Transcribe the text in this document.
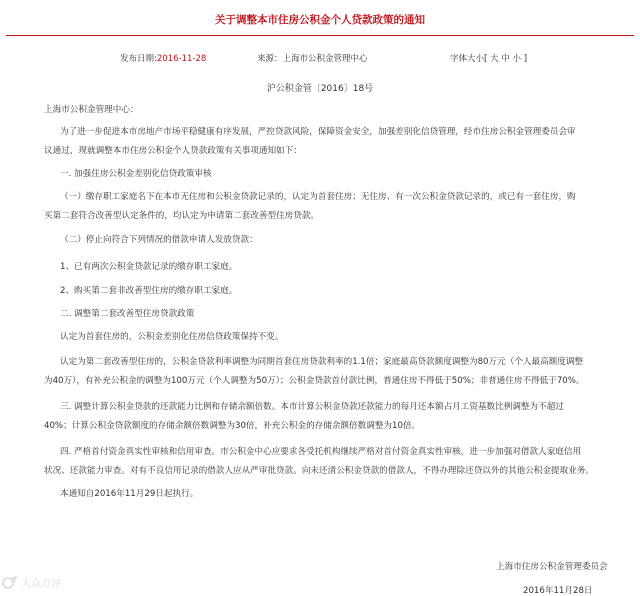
关于调整本市住房公积金个人贷款政策的通知
发布日期:2016-11-28	来源：上海市公积金管理中心	字体大小[ 大 中 小 ]
沪公积金管〔2016〕18号
上海市公积金管理中心：
为了进一步促进本市房地产市场平稳健康有序发展，严控贷款风险，保障资金安全，加强差别化信贷管理，经市住房公积金管理委员会审
议通过，现就调整本市住房公积金个人贷款政策有关事项通知如下：
一. 加强住房公积金差别化信贷政策审核
（一）缴存职工家庭名下在本市无住房和公积金贷款记录的，认定为首套住房；无住房、有一次公积金贷款记录的，或已有一套住房，购
买第二套符合改善型认定条件的，均认定为申请第二套改善型住房贷款。
（二）停止向符合下列情况的借款申请人发放贷款：
1、已有两次公积金贷款记录的缴存职工家庭。
2、购买第二套非改善型住房的缴存职工家庭。
二. 调整第二套改善型住房贷款政策
认定为首套住房的，公积金差别化住房信贷政策保持不变。
认定为第二套改善型住房的，公积金贷款利率调整为同期首套住房贷款利率的1.1倍；家庭最高贷款额度调整为80万元（个人最高额度调整
为40万），有补充公积金的调整为100万元（个人调整为50万）；公积金贷款首付款比例，普通住房不得低于50%；非普通住房不得低于70%。
三. 调整计算公积金贷款的还款能力比例和存储余额倍数。本市计算公积金贷款还款能力的每月还本额占月工资基数比例调整为不超过
40%；计算公积金贷款额度的存储余额倍数调整为30倍，补充公积金的存储余额倍数调整为10倍。
四. 严格首付资金真实性审核和信用审查。市公积金中心应要求各受托机构继续严格对首付资金真实性审核，进一步加强对借款人家庭信用
状况、还款能力审查。对有不良信用记录的借款人应从严审批贷款。向未还清公积金贷款的借款人，不得办理除还贷以外的其他公积金提取业务。
本通知自2016年11月29日起执行。
上海市住房公积金管理委员会
2016年11月28日
大众点评
